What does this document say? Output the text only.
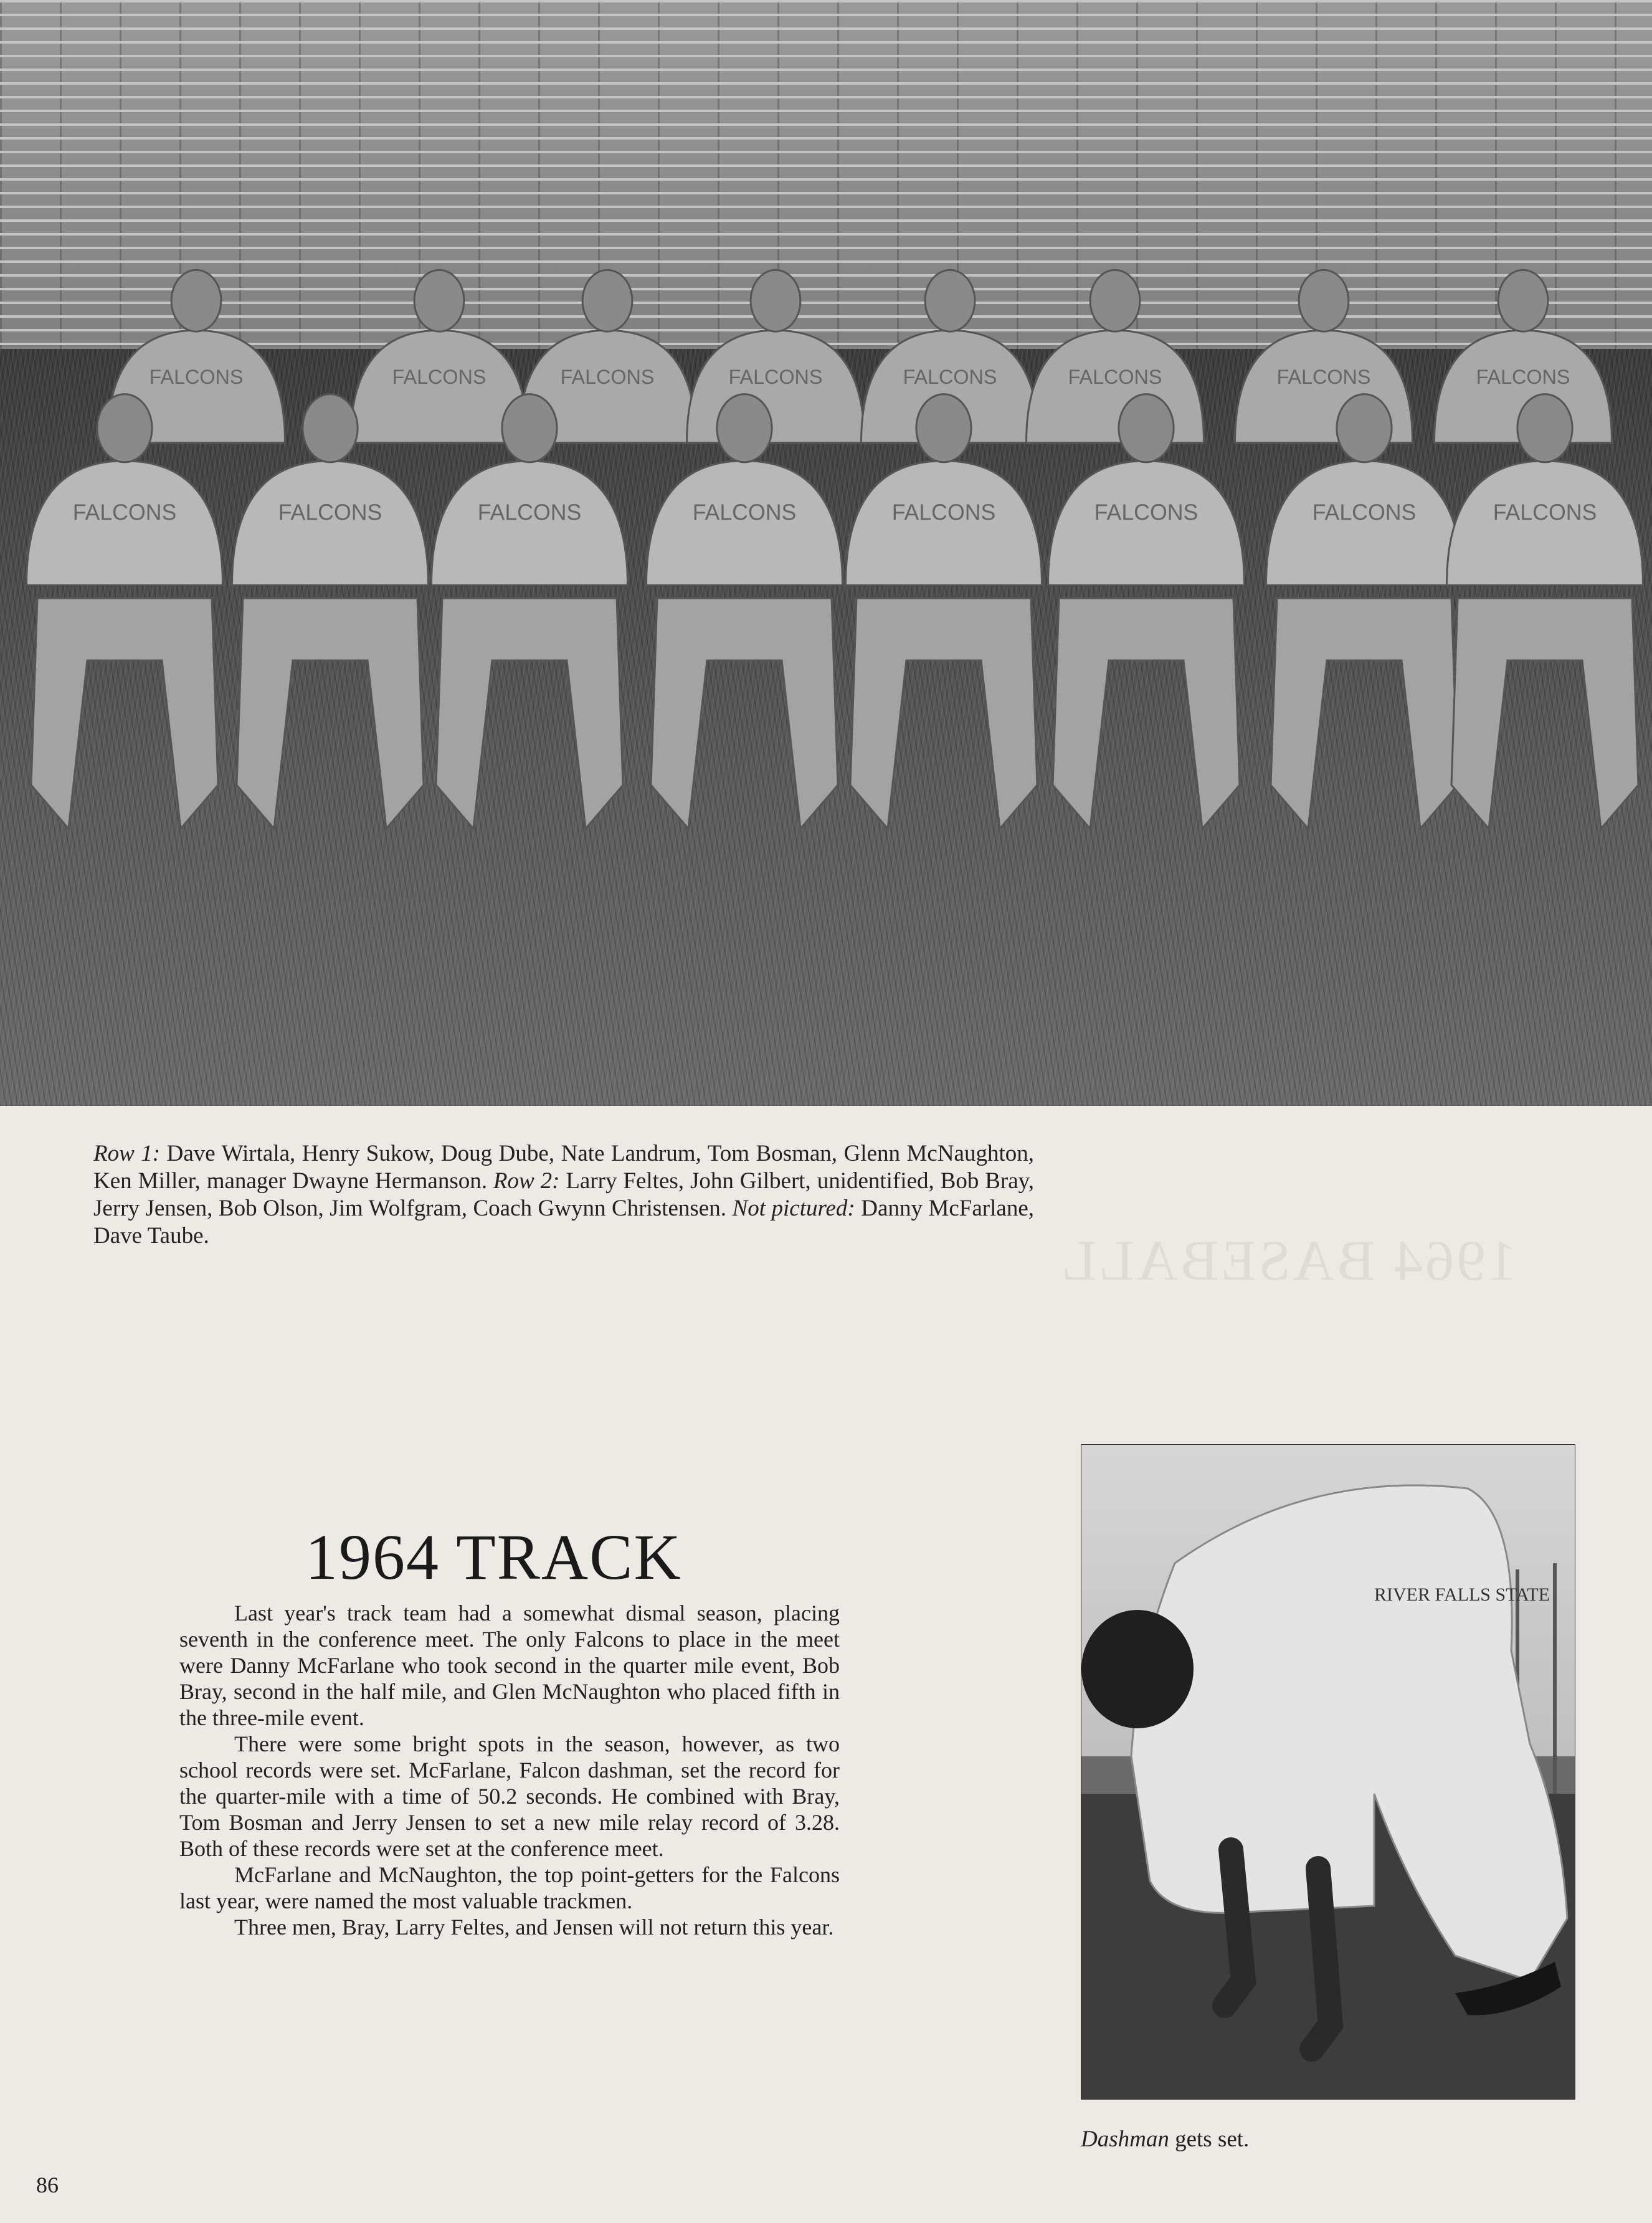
FALCONS	FALCONS	FALCONS	FALCONS	FALCONS	FALCONS	FALCONS	FALCONS
FALCONS	FALCONS	FALCONS	FALCONS	FALCONS	FALCONS	FALCONS	FALCONS
Row 1: Dave Wirtala, Henry Sukow, Doug Dube, Nate Landrum, Tom Bosman, Glenn McNaughton, Ken Miller, manager Dwayne Hermanson. Row 2: Larry Feltes, John Gilbert, unidentified, Bob Bray, Jerry Jensen, Bob Olson, Jim Wolfgram, Coach Gwynn Christensen. Not pictured: Danny McFarlane, Dave Taube.	1964 BASEBALL
1964 TRACK

Last year's track team had a somewhat dismal season, placing seventh in the conference meet. The only Falcons to place in the meet were Danny McFarlane who took second in the quarter mile event, Bob Bray, second in the half mile, and Glen McNaughton who placed fifth in the three-mile event.

There were some bright spots in the season, however, as two school records were set. McFarlane, Falcon dashman, set the record for the quarter-mile with a time of 50.2 seconds. He combined with Bray, Tom Bosman and Jerry Jensen to set a new mile relay record of 3.28. Both of these records were set at the conference meet.

McFarlane and McNaughton, the top point-getters for the Falcons last year, were named the most valuable trackmen.

Three men, Bray, Larry Feltes, and Jensen will not return this year.

RIVER FALLS STATE
Dashman gets set.
86
